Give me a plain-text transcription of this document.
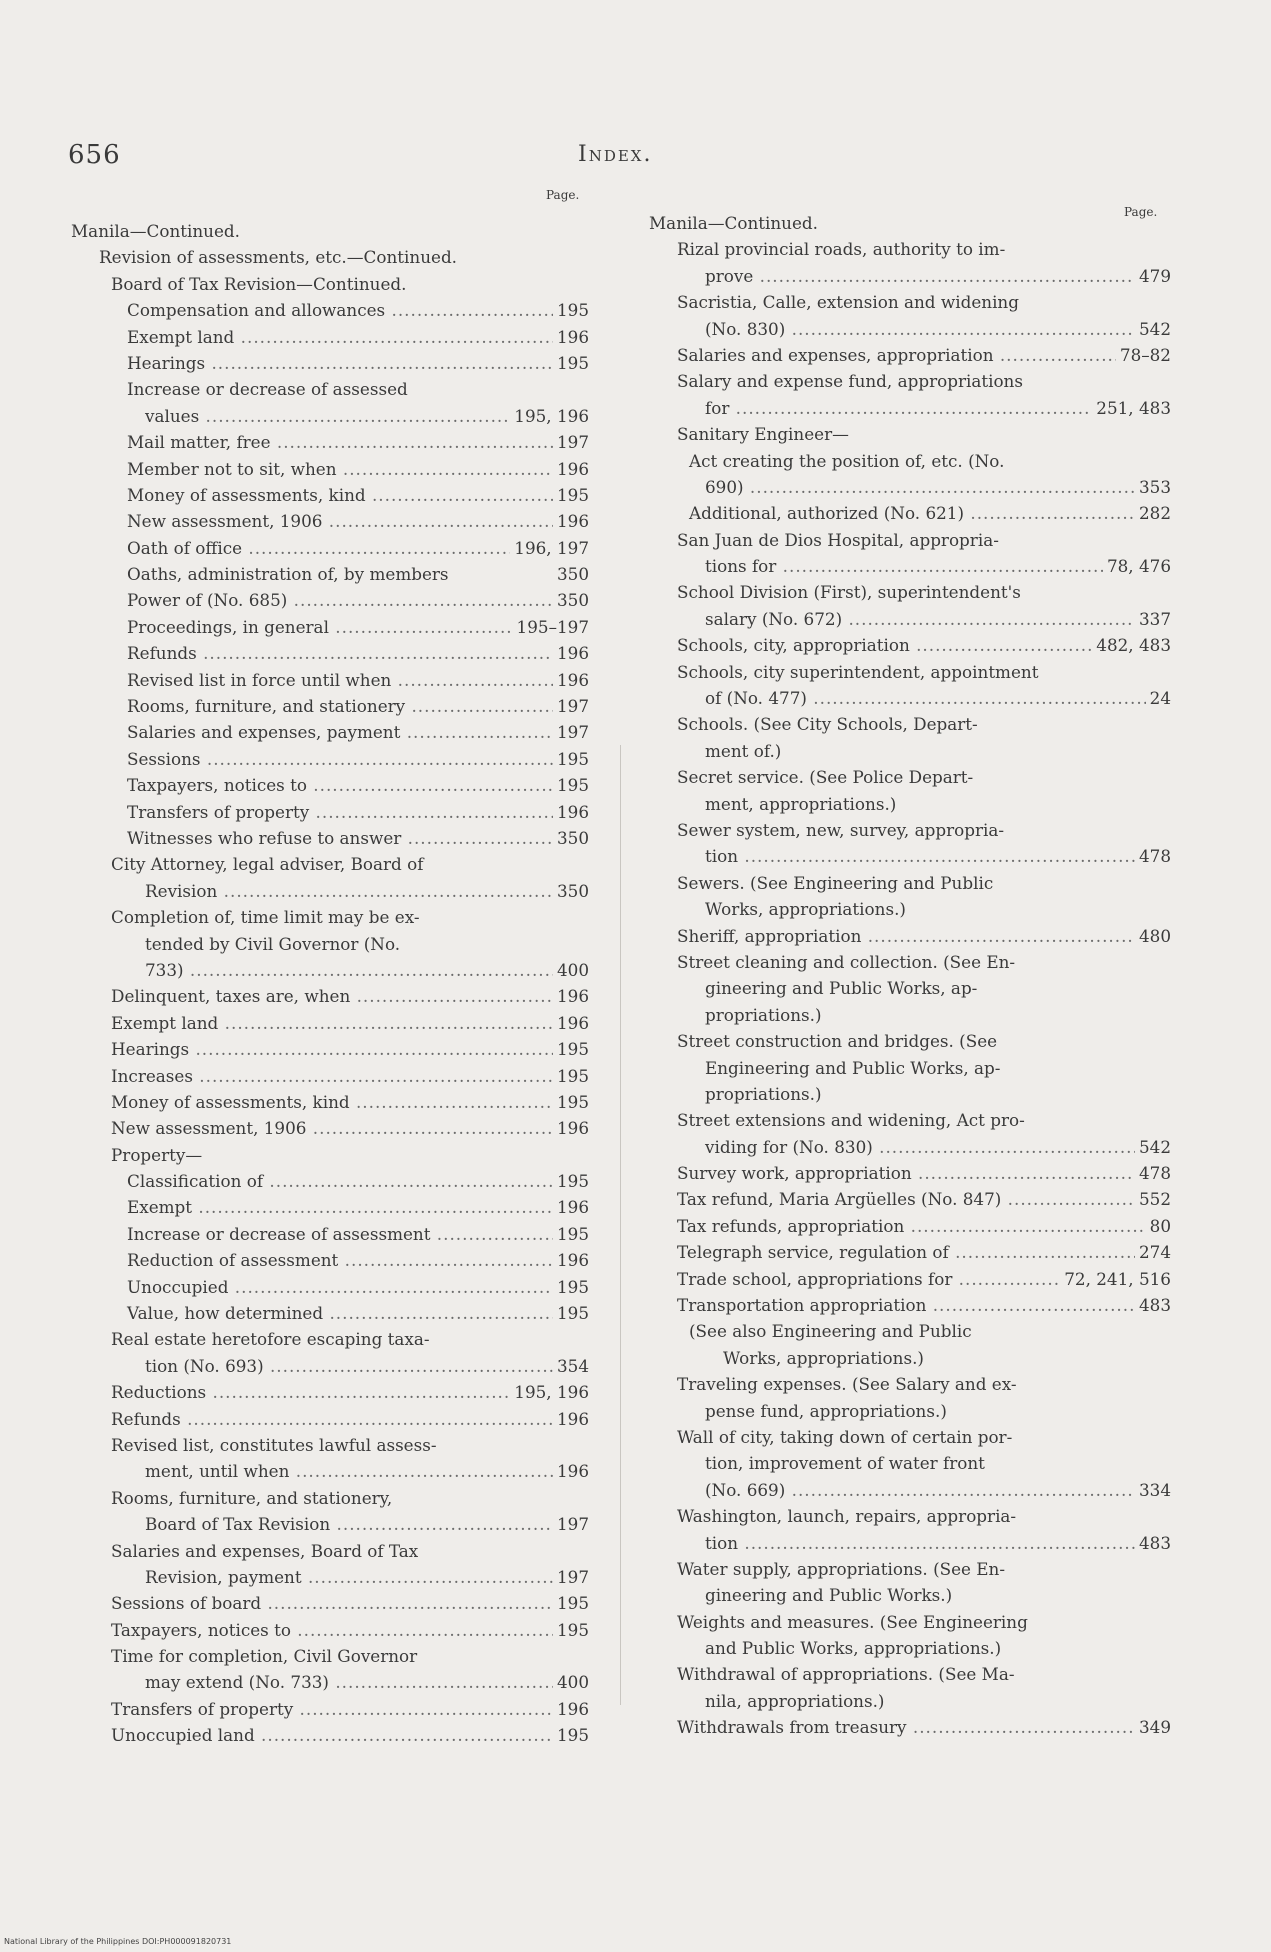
656	Index.
Page.
Page.
Manila—Continued.
Revision of assessments, etc.—Continued.
Board of Tax Revision—Continued.
Compensation and allowances .....	195
Exempt land .....	196
Hearings .....	195
Increase or decrease of assessed
values .....	195, 196
Mail matter, free .....	197
Member not to sit, when .....	196
Money of assessments, kind .....	195
New assessment, 1906 .....	196
Oath of office .....	196, 197
Oaths, administration of, by members	350
Power of (No. 685) .....	350
Proceedings, in general .....	195–197
Refunds .....	196
Revised list in force until when .....	196
Rooms, furniture, and stationery .....	197
Salaries and expenses, payment .....	197
Sessions .....	195
Taxpayers, notices to .....	195
Transfers of property .....	196
Witnesses who refuse to answer .....	350
City Attorney, legal adviser, Board of
Revision .....	350
Completion of, time limit may be ex-
tended by Civil Governor (No.
733) .....	400
Delinquent, taxes are, when .....	196
Exempt land .....	196
Hearings .....	195
Increases .....	195
Money of assessments, kind .....	195
New assessment, 1906 .....	196
Property—
Classification of .....	195
Exempt .....	196
Increase or decrease of assessment .....	195
Reduction of assessment .....	196
Unoccupied .....	195
Value, how determined .....	195
Real estate heretofore escaping taxa-
tion (No. 693) .....	354
Reductions .....	195, 196
Refunds .....	196
Revised list, constitutes lawful assess-
ment, until when .....	196
Rooms, furniture, and stationery,
Board of Tax Revision .....	197
Salaries and expenses, Board of Tax
Revision, payment .....	197
Sessions of board .....	195
Taxpayers, notices to .....	195
Time for completion, Civil Governor
may extend (No. 733) .....	400
Transfers of property .....	196
Unoccupied land .....	195
Manila—Continued.
Rizal provincial roads, authority to im-
prove .....	479
Sacristia, Calle, extension and widening
(No. 830) .....	542
Salaries and expenses, appropriation .....	78–82
Salary and expense fund, appropriations
for .....	251, 483
Sanitary Engineer—
Act creating the position of, etc. (No.
690) .....	353
Additional, authorized (No. 621) .....	282
San Juan de Dios Hospital, appropria-
tions for .....	78, 476
School Division (First), superintendent's
salary (No. 672) .....	337
Schools, city, appropriation .....	482, 483
Schools, city superintendent, appointment
of (No. 477) .....	24
Schools. (See City Schools, Depart-
ment of.)
Secret service. (See Police Depart-
ment, appropriations.)
Sewer system, new, survey, appropria-
tion .....	478
Sewers. (See Engineering and Public
Works, appropriations.)
Sheriff, appropriation .....	480
Street cleaning and collection. (See En-
gineering and Public Works, ap-
propriations.)
Street construction and bridges. (See
Engineering and Public Works, ap-
propriations.)
Street extensions and widening, Act pro-
viding for (No. 830) .....	542
Survey work, appropriation .....	478
Tax refund, Maria Argüelles (No. 847) .....	552
Tax refunds, appropriation .....	80
Telegraph service, regulation of .....	274
Trade school, appropriations for .....	72, 241, 516
Transportation appropriation .....	483
(See also Engineering and Public
Works, appropriations.)
Traveling expenses. (See Salary and ex-
pense fund, appropriations.)
Wall of city, taking down of certain por-
tion, improvement of water front
(No. 669) .....	334
Washington, launch, repairs, appropria-
tion .....	483
Water supply, appropriations. (See En-
gineering and Public Works.)
Weights and measures. (See Engineering
and Public Works, appropriations.)
Withdrawal of appropriations. (See Ma-
nila, appropriations.)
Withdrawals from treasury .....	349
National Library of the Philippines DOI:PH000091820731
